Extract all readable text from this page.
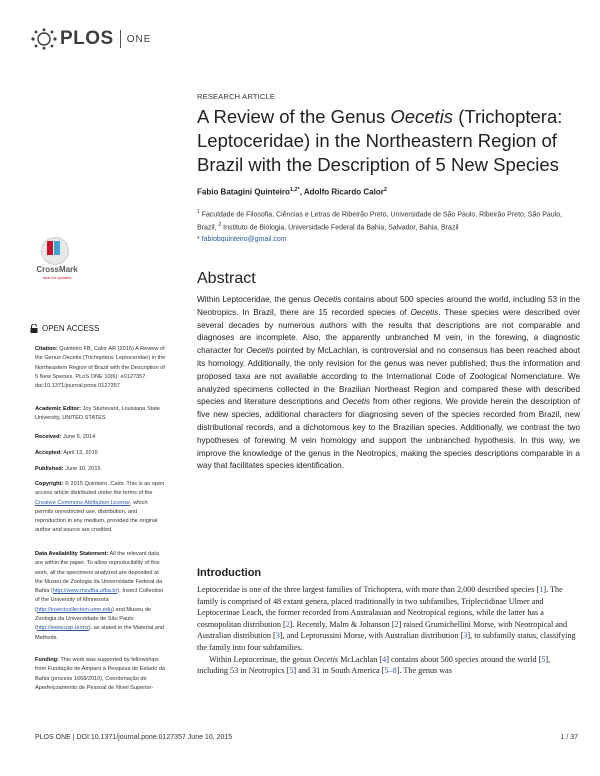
PLOS ONE
RESEARCH ARTICLE
A Review of the Genus Oecetis (Trichoptera: Leptoceridae) in the Northeastern Region of Brazil with the Description of 5 New Species
Fabio Batagini Quinteiro$^{1,2*}$, Adolfo Ricardo Calor$^2$
$^1$ Faculdade de Filosofia, Ciências e Letras de Ribeirão Preto, Universidade de São Paulo, Ribeirão Preto, São Paulo, Brazil, $^2$ Instituto de Biologia, Universidade Federal da Bahia, Salvador, Bahia, Brazil
* fabiobquinteiro@gmail.com
CrossMark
click for updates
OPEN ACCESS
Citation: Quinteiro FB, Calor AR (2015) A Review of the Genus Oecetis (Trichoptera: Leptoceridae) in the Northeastern Region of Brazil with the Description of 5 New Species. PLoS ONE 10(6): e0127357. doi:10.1371/journal.pone.0127357
Academic Editor: Joy Sturtevant, Louisiana State University, UNITED STATES
Received: June 5, 2014
Accepted: April 13, 2015
Published: June 10, 2015
Copyright: © 2015 Quinteiro, Calor. This is an open access article distributed under the terms of the Creative Commons Attribution License, which permits unrestricted use, distribution, and reproduction in any medium, provided the original author and source are credited.
Data Availability Statement: All the relevant data are within the paper. To allow reproducibility of this work, all the specimens analyzed are deposited at the Museu de Zoologia da Universidade Federal da Bahia (http://www.mzufba.ufba.br), Insect Collection of the University of Minnesota (http://insectcollection.umn.edu) and Museu de Zoologia da Universidade de São Paulo (http://www.usp.br/mz), as stated in the Material and Methods.
Funding: This work was supported by fellowships from Fundação de Amparo à Pesquisa do Estado da Bahia (process 1668/2010), Coordenação de Aperfeiçoamento de Pessoal de Nível Superior-
Abstract
Within Leptoceridae, the genus Oecetis contains about 500 species around the world, including 53 in the Neotropics. In Brazil, there are 15 recorded species of Oecetis. These species were described over several decades by numerous authors with the results that descriptions are not comparable and diagnoses are incomplete. Also, the apparently unbranched M vein, in the forewing, a diagnostic character for Oecetis pointed by McLachlan, is controversial and no consensus has been reached about its homology. Additionally, the only revision for the genus was never published; thus the information and proposed taxa are not available according to the International Code of Zoological Nomenclature. We analyzed specimens collected in the Brazilian Northeast Region and compared these with described species and literature descriptions and Oecetis from other regions. We provide herein the description of five new species, additional characters for diagnosing seven of the species recorded from Brazil, new distributional records, and a dichotomous key to the Brazilian species. Additionally, we contrast the two hypotheses of forewing M vein homology and support the unbranched hypothesis. In this way, we improve the knowledge of the genus in the Neotropics, making the species descriptions comparable in a way that facilitates species identification.
Introduction

Leptoceridae is one of the three largest families of Trichoptera, with more than 2,000 described species [1]. The family is comprised of 48 extant genera, placed traditionally in two subfamilies, Triplectidinae Ulmer and Leptocerinae Leach, the former recorded from Australasian and Neotropical regions, while the latter has a cosmopolitan distribution [2]. Recently, Malm & Johanson [2] raised Grumichellini Morse, with Neotropical and Australian distribution [3], and Leptorussini Morse, with Australian distribution [3], to subfamily status, classifying the family into four subfamilies.

Within Leptocerinae, the genus Oecetis McLachlan [4] contains about 500 species around the world [5], including 53 in Neotropics [5] and 31 in South America [5–8]. The genus was

PLOS ONE | DOI:10.1371/journal.pone.0127357 June 10, 2015	1 / 37
